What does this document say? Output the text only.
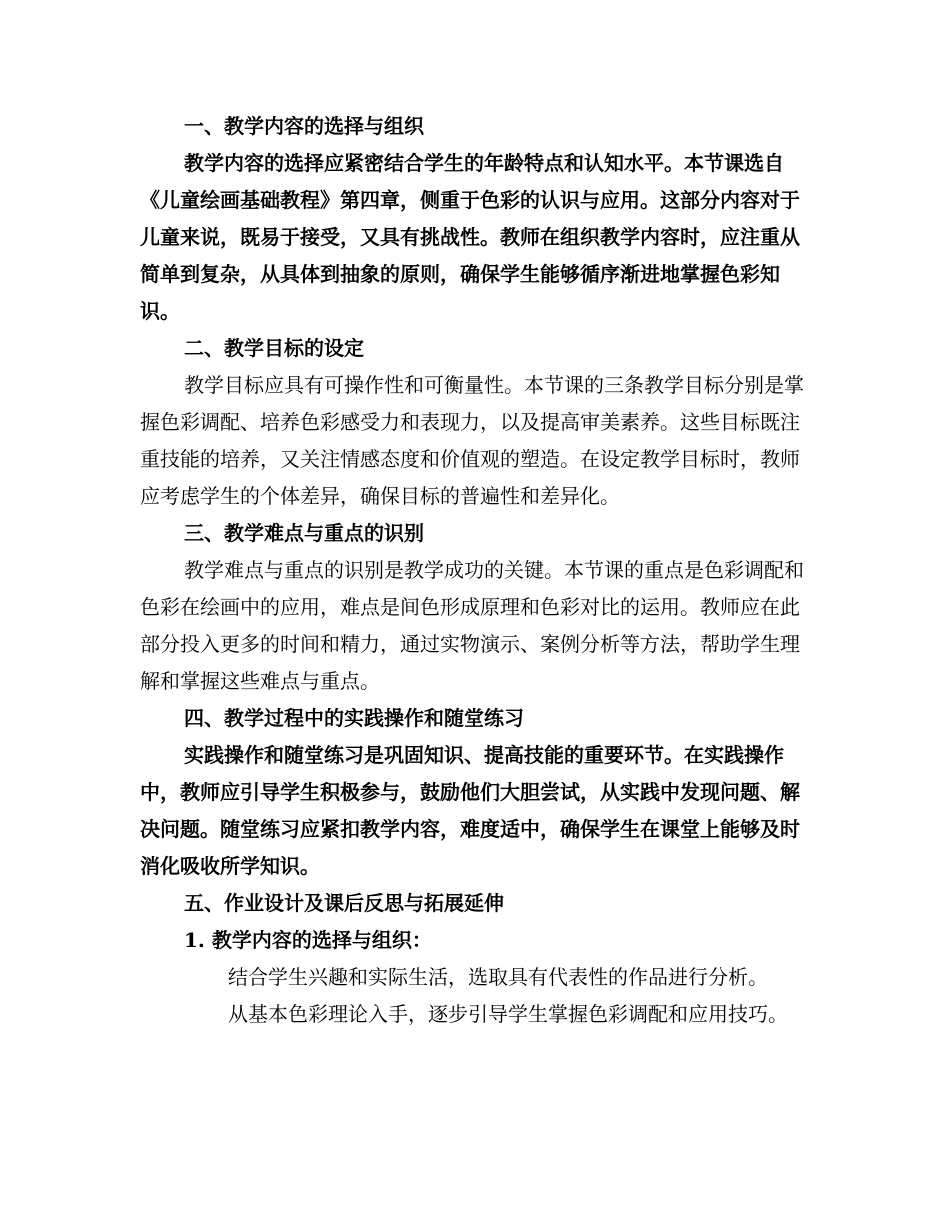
一、教学内容的选择与组织

教学内容的选择应紧密结合学生的年龄特点和认知水平。本节课选自《儿童绘画基础教程》第四章，侧重于色彩的认识与应用。这部分内容对于儿童来说，既易于接受，又具有挑战性。教师在组织教学内容时，应注重从简单到复杂，从具体到抽象的原则，确保学生能够循序渐进地掌握色彩知识。

二、教学目标的设定

教学目标应具有可操作性和可衡量性。本节课的三条教学目标分别是掌握色彩调配、培养色彩感受力和表现力，以及提高审美素养。这些目标既注重技能的培养，又关注情感态度和价值观的塑造。在设定教学目标时，教师应考虑学生的个体差异，确保目标的普遍性和差异化。

三、教学难点与重点的识别

教学难点与重点的识别是教学成功的关键。本节课的重点是色彩调配和色彩在绘画中的应用，难点是间色形成原理和色彩对比的运用。教师应在此部分投入更多的时间和精力，通过实物演示、案例分析等方法，帮助学生理解和掌握这些难点与重点。

四、教学过程中的实践操作和随堂练习

实践操作和随堂练习是巩固知识、提高技能的重要环节。在实践操作中，教师应引导学生积极参与，鼓励他们大胆尝试，从实践中发现问题、解决问题。随堂练习应紧扣教学内容，难度适中，确保学生在课堂上能够及时消化吸收所学知识。

五、作业设计及课后反思与拓展延伸

1. 教学内容的选择与组织：

结合学生兴趣和实际生活，选取具有代表性的作品进行分析。

从基本色彩理论入手，逐步引导学生掌握色彩调配和应用技巧。
